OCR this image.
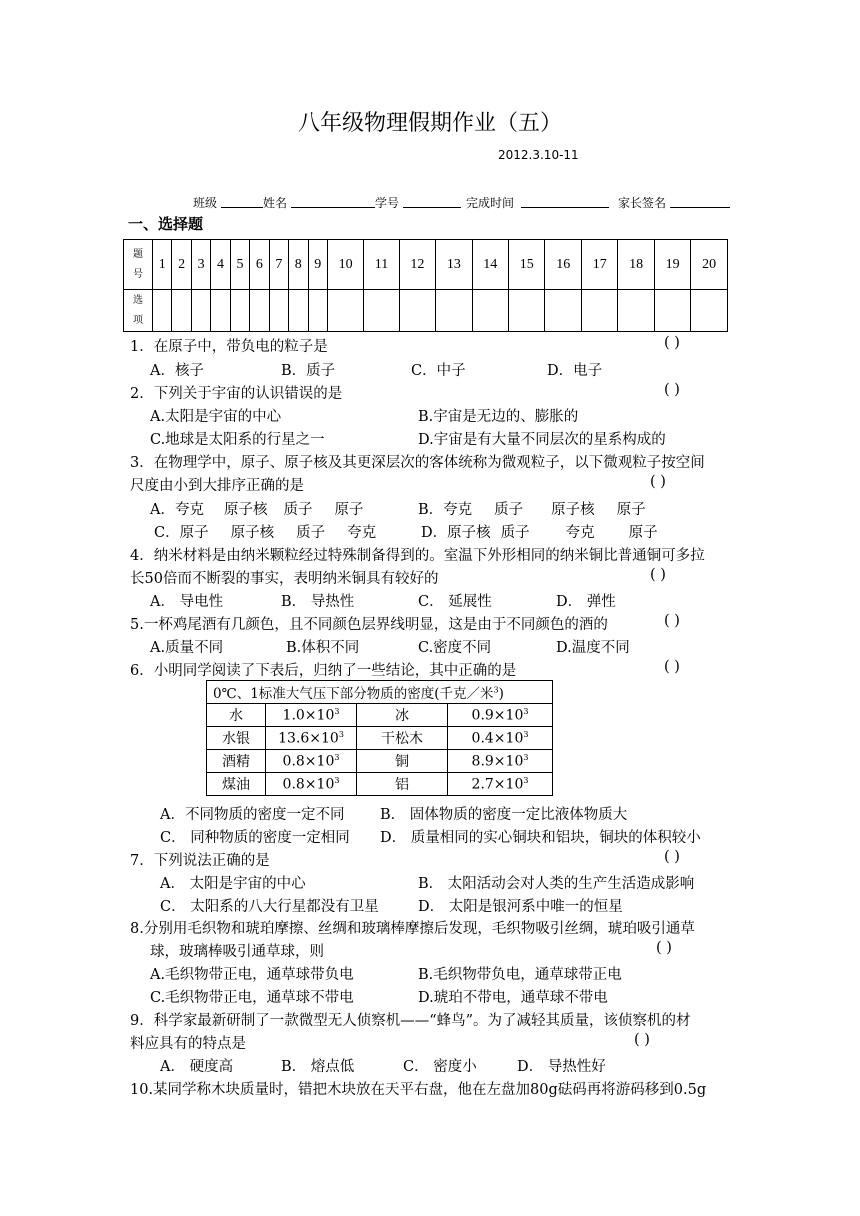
八年级物理假期作业（五）
2012.3.10-11
班级	姓名	学号	完成时间	家长签名
一、选择题
题
号	1	2	3	4	5	6	7	8	9	10	11	12	13	14	15	16	17	18	19	20
选
项																				
1．在原子中，带负电的粒子是	( )
A．核子	B．质子	C．中子	D．电子
2．下列关于宇宙的认识错误的是	( )
A.太阳是宇宙的中心	B.宇宙是无边的、膨胀的
C.地球是太阳系的行星之一	D.宇宙是有大量不同层次的星系构成的
3．在物理学中，原子、原子核及其更深层次的客体统称为微观粒子，以下微观粒子按空间
尺度由小到大排序正确的是	( )
A．夸克 原子核 质子 原子	B．夸克 质子 原子核 原子
C．原子 原子核 质子 夸克	D．原子核 质子 夸克 原子
4．纳米材料是由纳米颗粒经过特殊制备得到的。室温下外形相同的纳米铜比普通铜可多拉
长50倍而不断裂的事实，表明纳米铜具有较好的	( )
A． 导电性	B． 导热性	C． 延展性	D． 弹性
5.一杯鸡尾酒有几颜色，且不同颜色层界线明显，这是由于不同颜色的酒的	( )
A.质量不同	B.体积不同	C.密度不同	D.温度不同
6．小明同学阅读了下表后，归纳了一些结论，其中正确的是	( )
0℃、1标准大气压下部分物质的密度(千克／米$^3$)			
水	$1.0\times 10^3$	冰	$0.9\times 10^3$
水银	$13.6\times 10^3$	干松木	$0.4\times 10^3$
酒精	$0.8\times 10^3$	铜	$8.9\times 10^3$
煤油	$0.8\times 10^3$	铝	$2.7\times 10^3$
A．不同物质的密度一定不同 B． 固体物质的密度一定比液体物质大
C． 同种物质的密度一定相同 D． 质量相同的实心铜块和铝块，铜块的体积较小
7．下列说法正确的是	( )
A． 太阳是宇宙的中心	B． 太阳活动会对人类的生产生活造成影响
C． 太阳系的八大行星都没有卫星	D． 太阳是银河系中唯一的恒星
8.分别用毛织物和琥珀摩擦、丝绸和玻璃棒摩擦后发现，毛织物吸引丝绸，琥珀吸引通草
球，玻璃棒吸引通草球，则	( )
A.毛织物带正电，通草球带负电	B.毛织物带负电，通草球带正电
C.毛织物带正电，通草球不带电	D.琥珀不带电，通草球不带电
9．科学家最新研制了一款微型无人侦察机——“蜂鸟”。为了减轻其质量，该侦察机的材
料应具有的特点是	( )
A． 硬度高	B． 熔点低	C． 密度小	D． 导热性好
10.某同学称木块质量时，错把木块放在天平右盘，他在左盘加80g砝码再将游码移到0.5g
